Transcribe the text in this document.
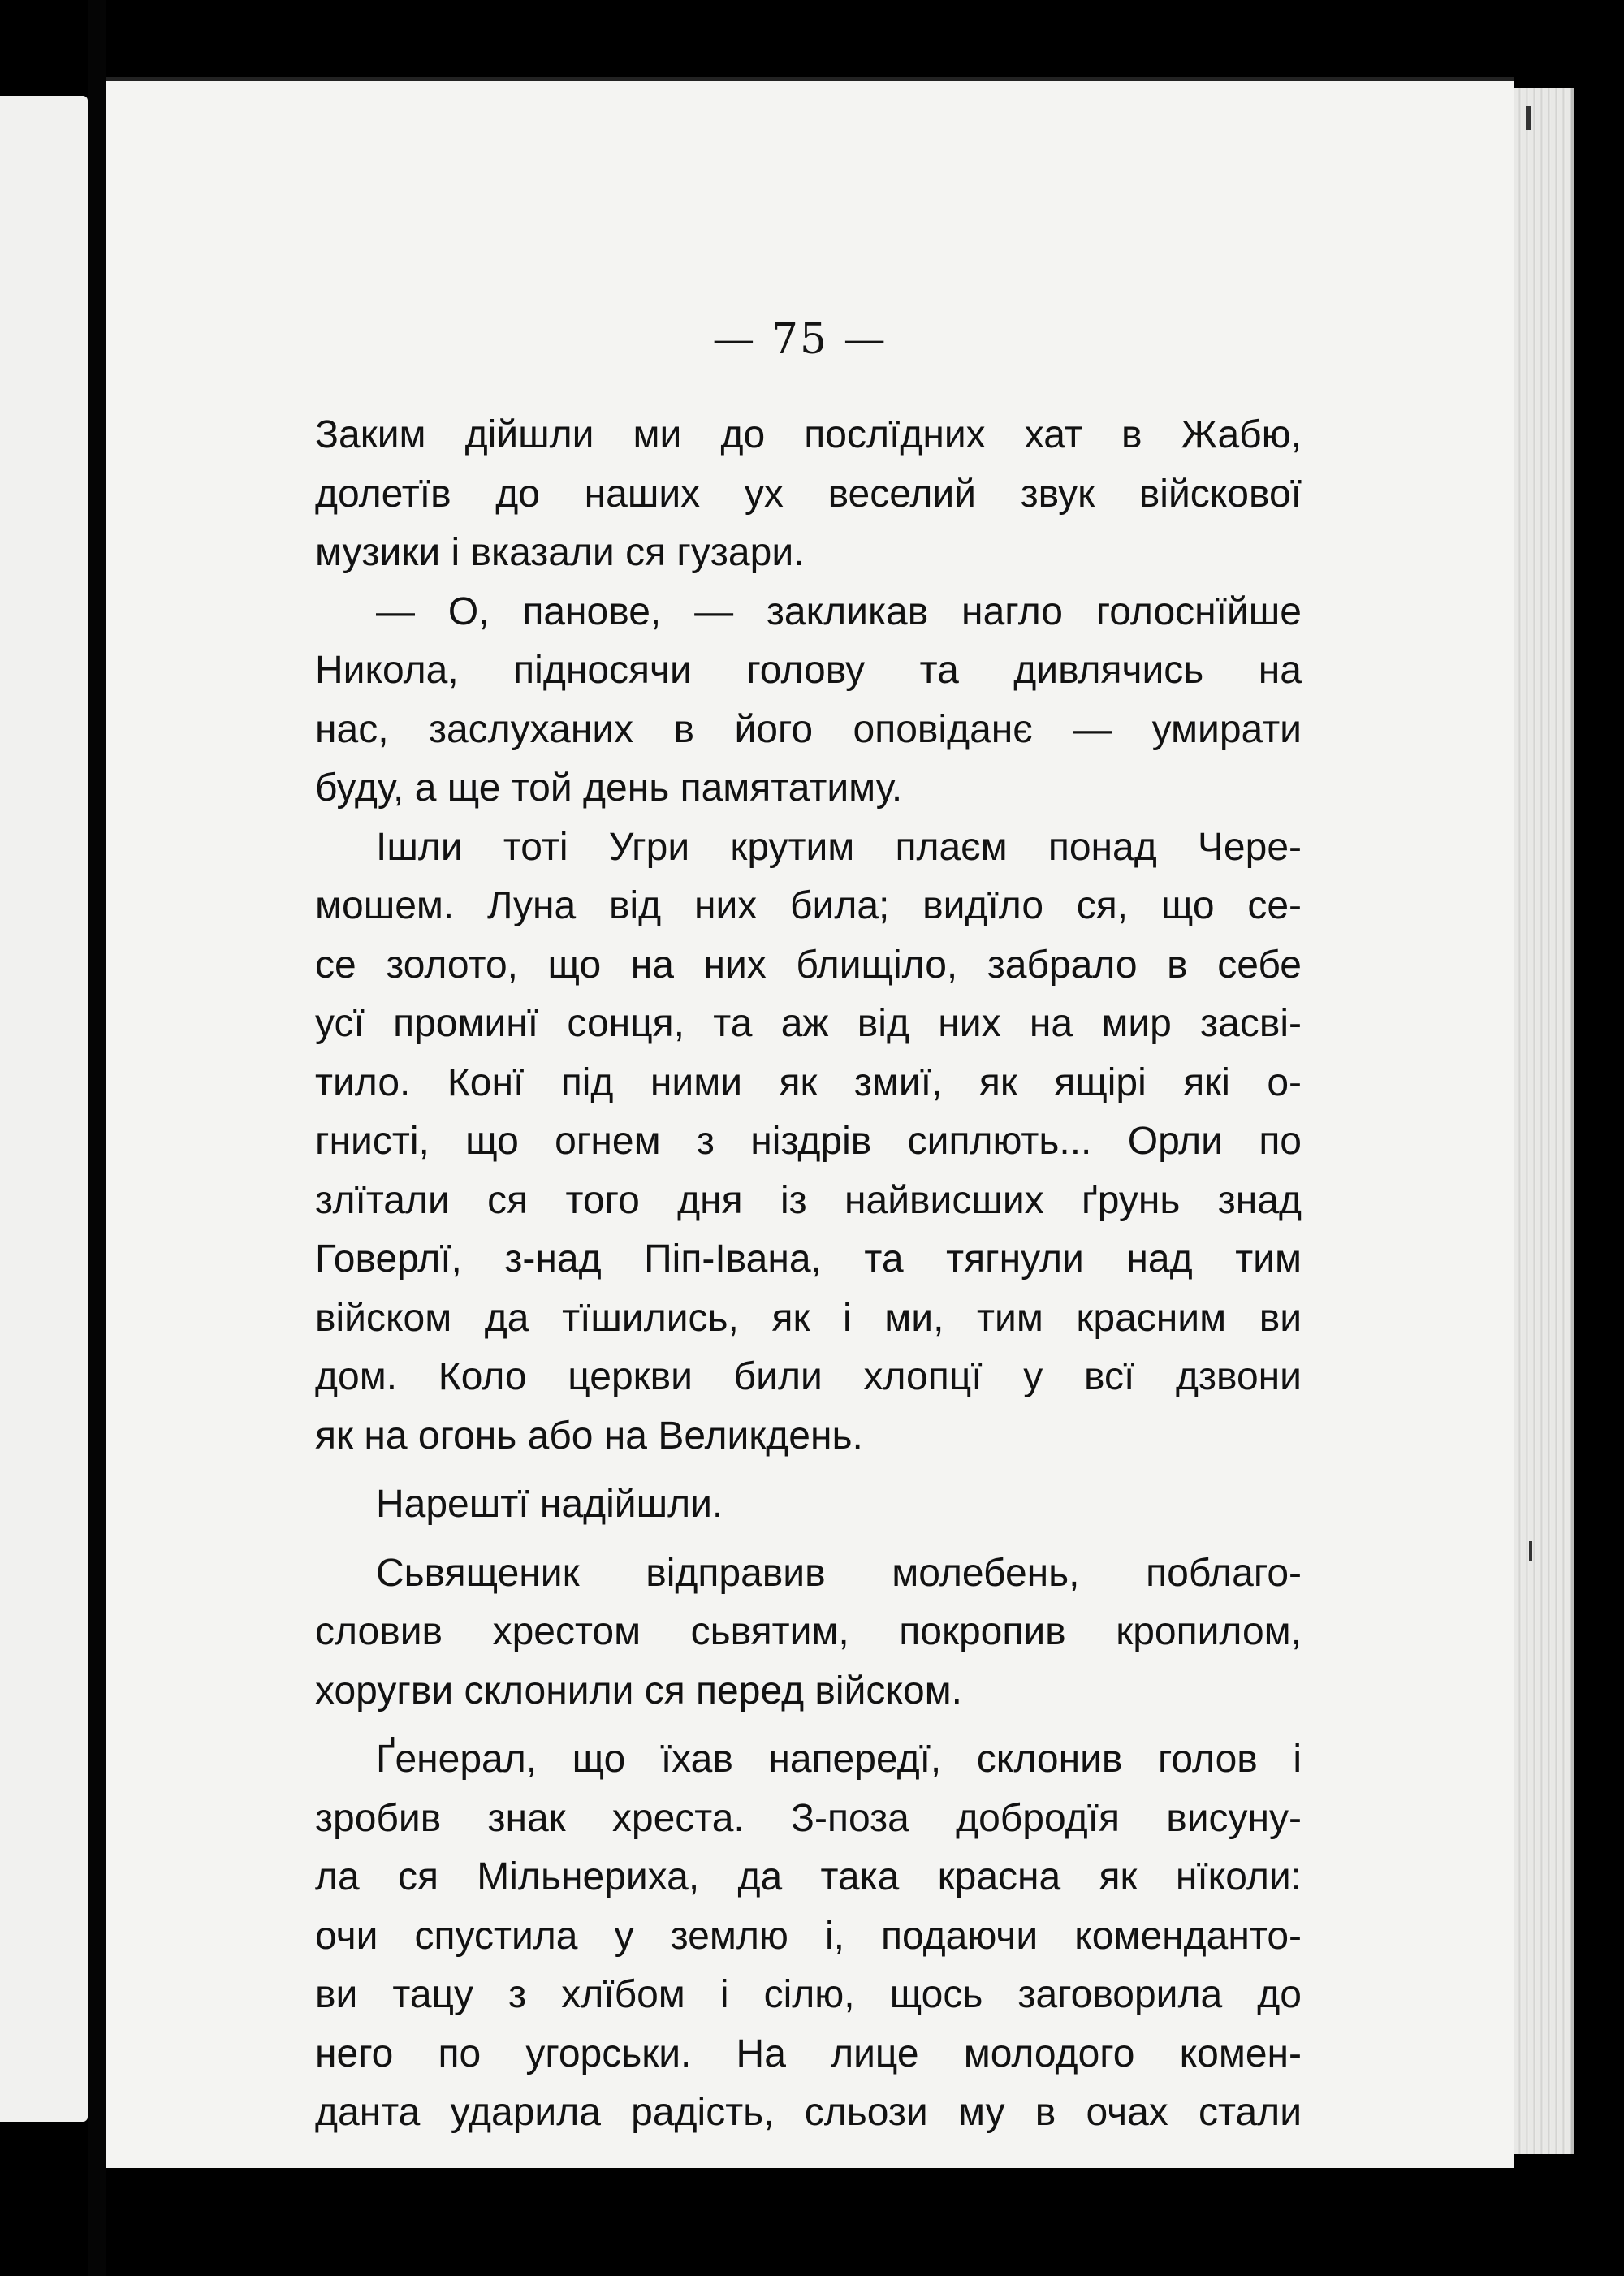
— 75 —
Заким дійшли ми до послїдних хат в Жабю,
долетїв до наших ух веселий звук війскової
музики і вказали ся гузари.
— О, панове, — закликав нагло голоснїйше
Никола, підносячи голову та дивлячись на
нас, заслуханих в його оповіданє — умирати
буду, а ще той день памятатиму.
Ішли тоті Угри крутим плаєм понад Чере-
мошем. Луна від них била; видїло ся, що се-
се золото, що на них блищіло, забрало в себе
усї проминї сонця, та аж від них на мир засві-
тило. Конї під ними як змиї, як ящірі які о-
гнисті, що огнем з ніздрів сиплють... Орли по
злїтали ся того дня із найвисших ґрунь знад
Говерлї, з-над Піп-Івана, та тягнули над тим
війском да тїшились, як і ми, тим красним ви
дом. Коло церкви били хлопцї у всї дзвони
як на огонь або на Великдень.
Нарештї надійшли.
Сьвященик відправив молебень, поблаго-
словив хрестом сьвятим, покропив кропилом,
хоругви склонили ся перед війском.
Ґенерал, що їхав напередї, склонив голов і
зробив знак хреста. З-поза добродїя висуну-
ла ся Мільнериха, да така красна як нїколи:
очи спустила у землю і, подаючи коменданто-
ви тацу з хлїбом і сілю, щось заговорила до
него по угорськи. На лице молодого комен-
данта ударила радість, сльози му в очах стали
